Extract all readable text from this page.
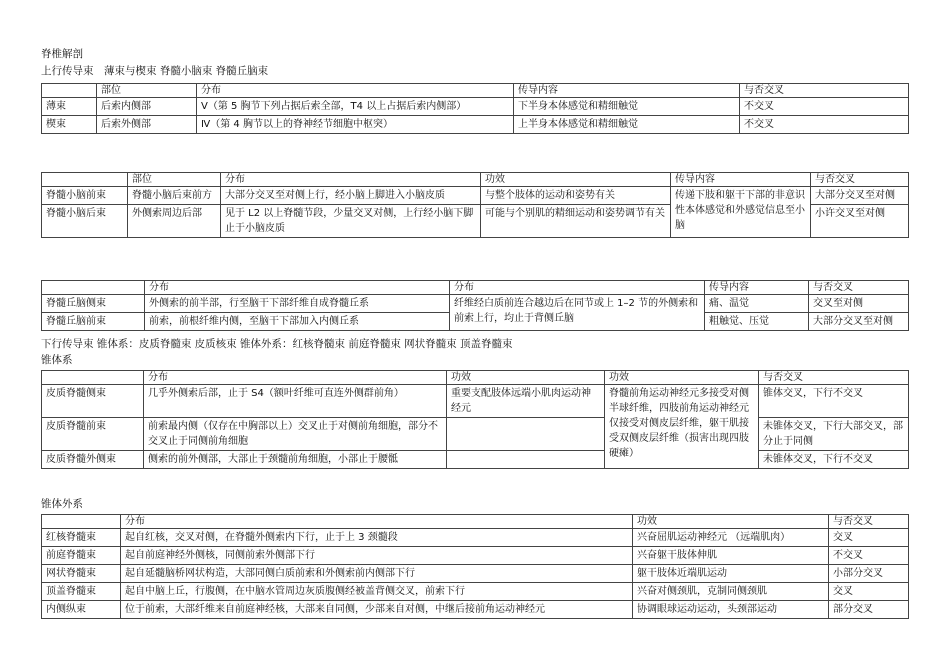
脊椎解剖
上行传导束　薄束与楔束 脊髓小脑束 脊髓丘脑束
	部位	分布	传导内容	与否交叉
薄束	后索内侧部	Ⅴ（第 5 胸节下列占据后索全部，T4 以上占据后索内侧部）	下半身本体感觉和精细触觉	不交叉
楔束	后索外侧部	Ⅳ（第 4 胸节以上的脊神经节细胞中枢突）	上半身本体感觉和精细触觉	不交叉
	部位	分布	功效	传导内容	与否交叉
脊髓小脑前束	脊髓小脑后束前方	大部分交叉至对侧上行，经小脑上脚进入小脑皮质	与整个肢体的运动和姿势有关	传递下肢和躯干下部的非意识性本体感觉和外感觉信息至小脑	大部分交叉至对侧
脊髓小脑后束	外侧索周边后部	见于 L2 以上脊髓节段，少量交叉对侧，上行经小脑下脚止于小脑皮质	可能与个别肌的精细运动和姿势调节有关		小许交叉至对侧
	分布	分布	传导内容	与否交叉
脊髓丘脑侧束	外侧索的前半部，行至脑干下部纤维自成脊髓丘系	纤维经白质前连合越边后在同节或上 1–2 节的外侧索和前索上行，均止于背侧丘脑	痛、温觉	交叉至对侧
脊髓丘脑前束	前索，前根纤维内侧，至脑干下部加入内侧丘系		粗触觉、压觉	大部分交叉至对侧
下行传导束 锥体系：皮质脊髓束 皮质核束 锥体外系：红核脊髓束 前庭脊髓束 网状脊髓束 顶盖脊髓束
锥体系
	分布	功效	功效	与否交叉
皮质脊髓侧束	几乎外侧索后部，止于 S4（额叶纤维可直连外侧群前角）	重要支配肢体远端小肌肉运动神经元	脊髓前角运动神经元多接受对侧半球纤维，四肢前角运动神经元仅接受对侧皮层纤维，躯干肌接受双侧皮层纤维（损害出现四肢硬瘫）	锥体交叉，下行不交叉
皮质脊髓前束	前索最内侧（仅存在中胸部以上）交叉止于对侧前角细胞，部分不交叉止于同侧前角细胞			未锥体交叉，下行大部交叉，部分止于同侧
皮质脊髓外侧束	侧索的前外侧部，大部止于颈髓前角细胞，小部止于腰骶			未锥体交叉，下行不交叉
锥体外系
	分布	功效	与否交叉
红核脊髓束	起自红核，交叉对侧，在脊髓外侧索内下行，止于上 3 颈髓段	兴奋屈肌运动神经元 （远端肌肉）	交叉
前庭脊髓束	起自前庭神经外侧核，同侧前索外侧部下行	兴奋躯干肢体伸肌	不交叉
网状脊髓束	起自延髓脑桥网状构造，大部同侧白质前索和外侧索前内侧部下行	躯干肢体近端肌运动	小部分交叉
顶盖脊髓束	起自中脑上丘，行腹侧，在中脑水管周边灰质腹侧经被盖背侧交叉，前索下行	兴奋对侧颈肌，克制同侧颈肌	交叉
内侧纵束	位于前索，大部纤维来自前庭神经核，大部来自同侧，少部来自对侧，中继后接前角运动神经元	协调眼球运动运动，头颈部运动	部分交叉
